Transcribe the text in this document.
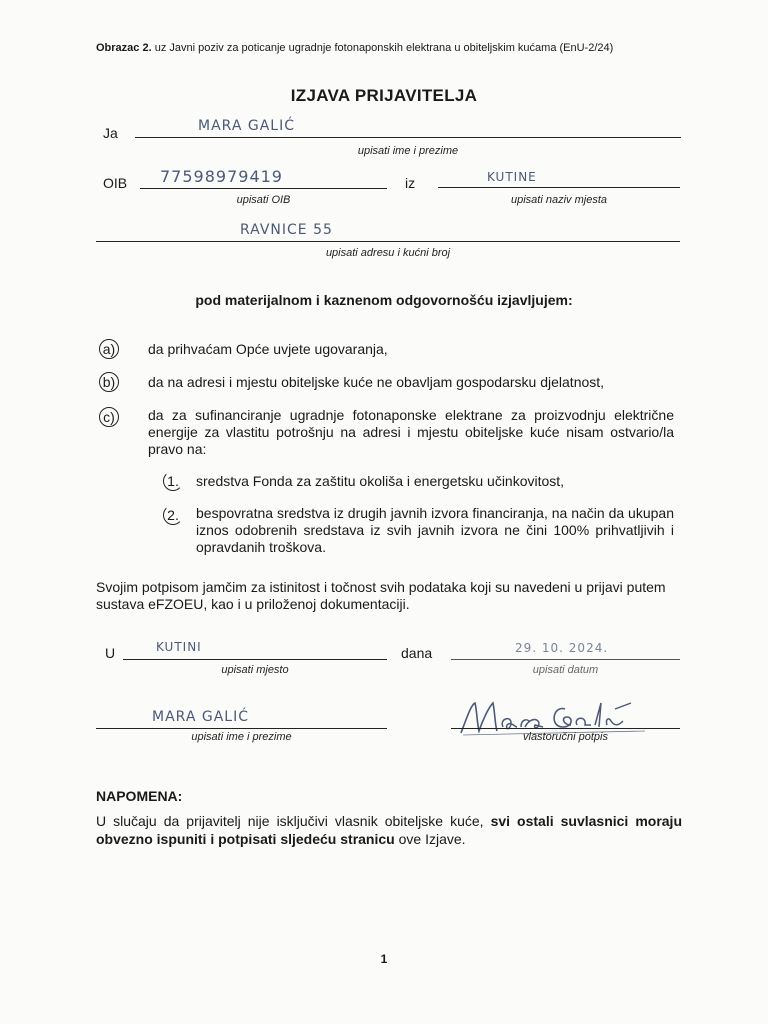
Obrazac 2. uz Javni poziv za poticanje ugradnje fotonaponskih elektrana u obiteljskim kućama (EnU-2/24)
IZJAVA PRIJAVITELJA
Ja	MARA GALIĆ
upisati ime i prezime
OIB 77598979419
upisati OIB
iz	KUTINE
upisati naziv mjesta
RAVNICE 55
upisati adresu i kućni broj
pod materijalnom i kaznenom odgovornošću izjavljujem:
a) da prihvaćam Opće uvjete ugovaranja,
b) da na adresi i mjestu obiteljske kuće ne obavljam gospodarsku djelatnost,
c) da za sufinanciranje ugradnje fotonaponske elektrane za proizvodnju električne energije za vlastitu potrošnju na adresi i mjestu obiteljske kuće nisam ostvario/la pravo na:
1. sredstva Fonda za zaštitu okoliša i energetsku učinkovitost,
2. bespovratna sredstva iz drugih javnih izvora financiranja, na način da ukupan iznos odobrenih sredstava iz svih javnih izvora ne čini 100% prihvatljivih i opravdanih troškova.
Svojim potpisom jamčim za istinitost i točnost svih podataka koji su navedeni u prijavi putem sustava eFZOEU, kao i u priloženoj dokumentaciji.
U	KUTINI
upisati mjesto
dana	29. 10. 2024.
upisati datum
MARA GALIĆ
upisati ime i prezime	vlastoručni potpis
NAPOMENA:
U slučaju da prijavitelj nije isključivi vlasnik obiteljske kuće, svi ostali suvlasnici moraju obvezno ispuniti i potpisati sljedeću stranicu ove Izjave.
1
